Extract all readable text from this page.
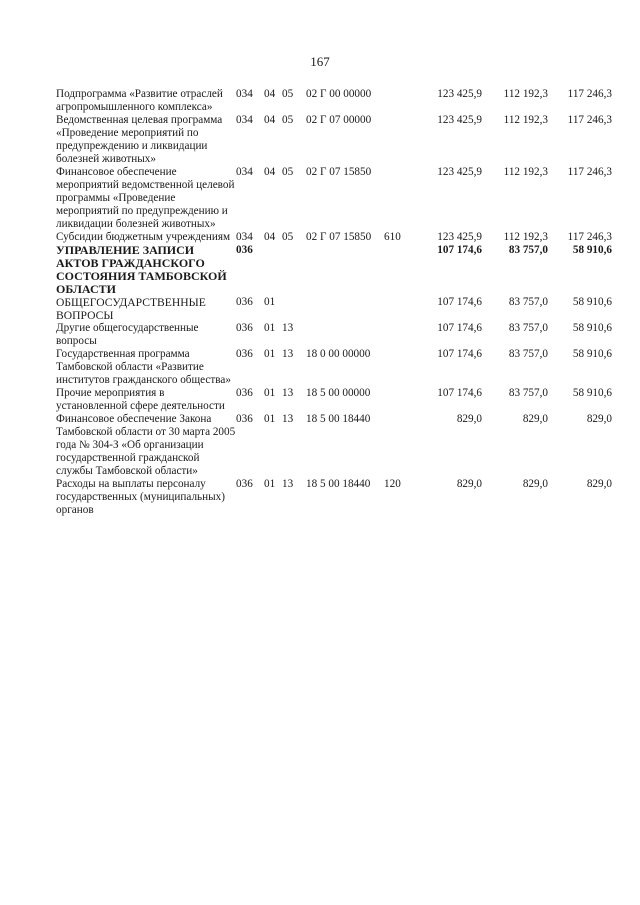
167
Подпрограмма «Развитие отраслей агропромышленного комплекса»	034	04	05	02 Г 00 00000		123 425,9	112 192,3	117 246,3
Ведомственная целевая программа «Проведение мероприятий по предупреждению и ликвидации болезней животных»	034	04	05	02 Г 07 00000		123 425,9	112 192,3	117 246,3
Финансовое обеспечение мероприятий ведомственной целевой программы «Проведение мероприятий по предупреждению и ликвидации болезней животных»	034	04	05	02 Г 07 15850		123 425,9	112 192,3	117 246,3
Субсидии бюджетным учреждениям	034	04	05	02 Г 07 15850	610	123 425,9	112 192,3	117 246,3
УПРАВЛЕНИЕ ЗАПИСИ АКТОВ ГРАЖДАНСКОГО СОСТОЯНИЯ ТАМБОВСКОЙ ОБЛАСТИ	036					107 174,6	83 757,0	58 910,6
ОБЩЕГОСУДАРСТВЕННЫЕ ВОПРОСЫ	036	01				107 174,6	83 757,0	58 910,6
Другие общегосударственные вопросы	036	01	13			107 174,6	83 757,0	58 910,6
Государственная программа Тамбовской области «Развитие институтов гражданского общества»	036	01	13	18 0 00 00000		107 174,6	83 757,0	58 910,6
Прочие мероприятия в установленной сфере деятельности	036	01	13	18 5 00 00000		107 174,6	83 757,0	58 910,6
Финансовое обеспечение Закона Тамбовской области от 30 марта 2005 года № 304-З «Об организации государственной гражданской службы Тамбовской области»	036	01	13	18 5 00 18440		829,0	829,0	829,0
Расходы на выплаты персоналу государственных (муниципальных) органов	036	01	13	18 5 00 18440	120	829,0	829,0	829,0
